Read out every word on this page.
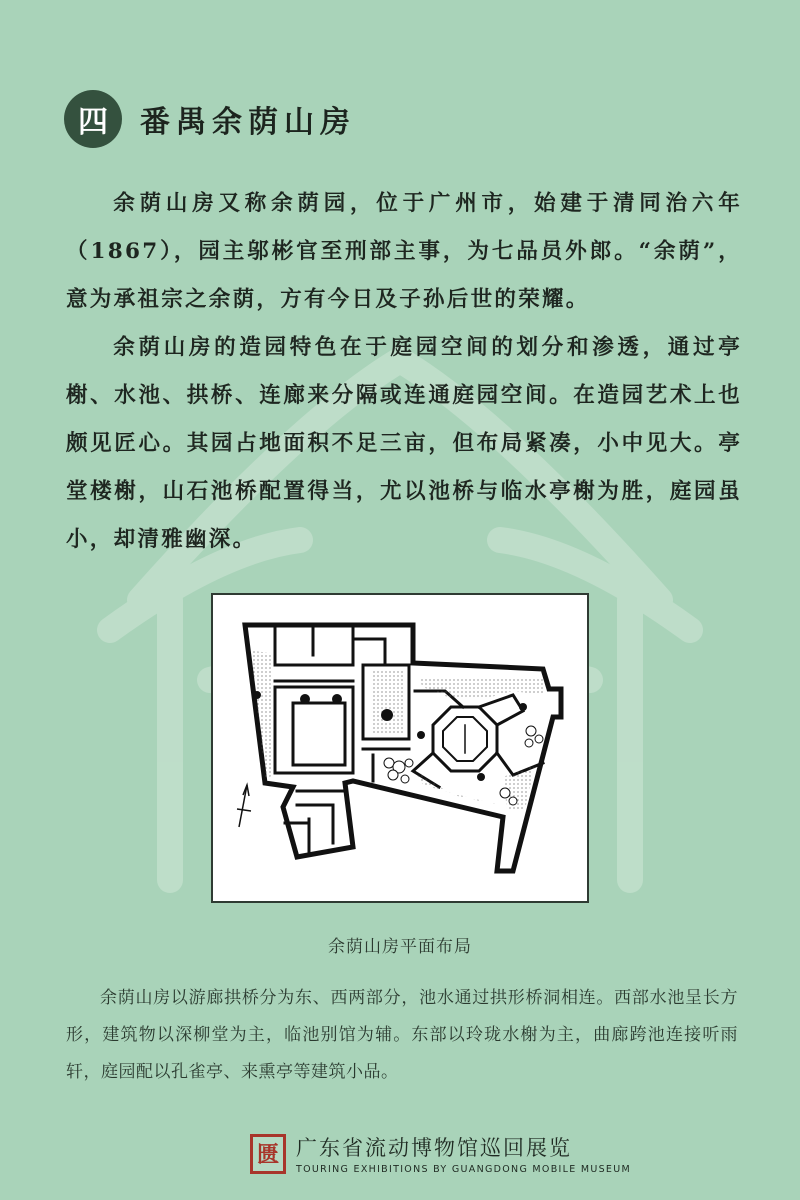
四	番禺余荫山房

余荫山房又称余荫园，位于广州市，始建于清同治六年（1867），园主邬彬官至刑部主事，为七品员外郎。“余荫”，意为承祖宗之余荫，方有今日及子孙后世的荣耀。

余荫山房的造园特色在于庭园空间的划分和渗透，通过亭榭、水池、拱桥、连廊来分隔或连通庭园空间。在造园艺术上也颇见匠心。其园占地面积不足三亩，但布局紧凑，小中见大。亭堂楼榭，山石池桥配置得当，尤以池桥与临水亭榭为胜，庭园虽小，却清雅幽深。

余荫山房平面布局
余荫山房以游廊拱桥分为东、西两部分，池水通过拱形桥洞相连。西部水池呈长方形，建筑物以深柳堂为主，临池别馆为辅。东部以玲珑水榭为主，曲廊跨池连接听雨轩，庭园配以孔雀亭、来熏亭等建筑小品。
匮 广东省流动博物馆巡回展览
TOURING EXHIBITIONS BY GUANGDONG MOBILE MUSEUM
